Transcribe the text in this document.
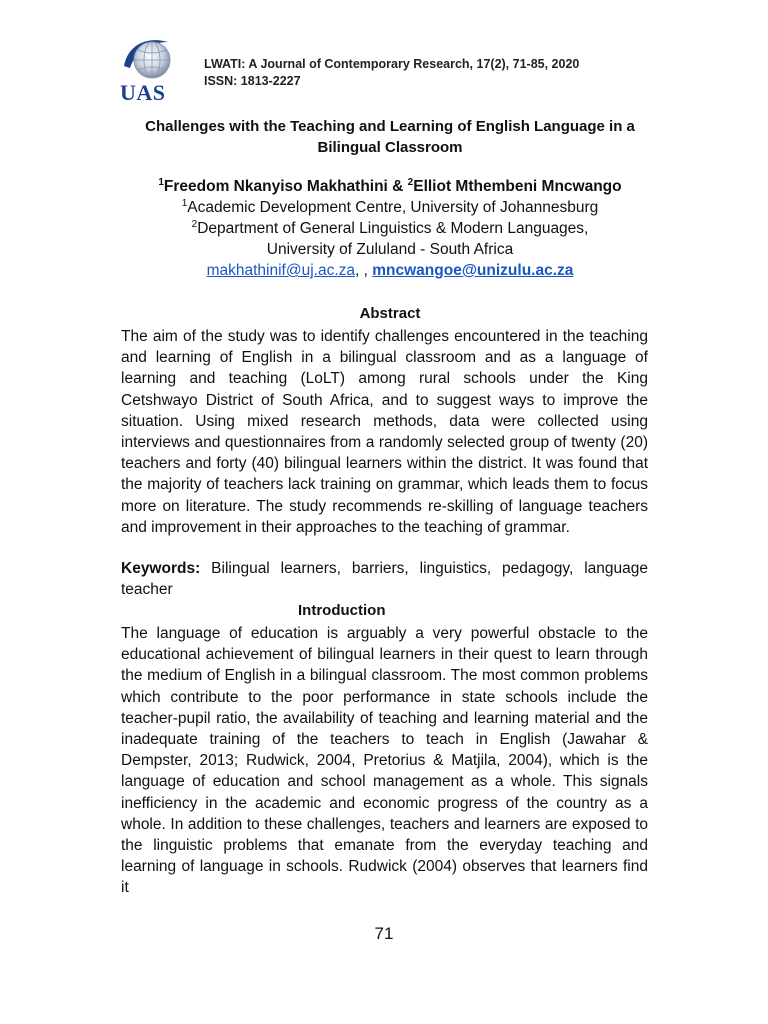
UAS
LWATI: A Journal of Contemporary Research, 17(2), 71-85, 2020
ISSN: 1813-2227
Challenges with the Teaching and Learning of English Language in a
Bilingual Classroom
$^1$Freedom Nkanyiso Makhathini & $^2$Elliot Mthembeni Mncwango
$^1$Academic Development Centre, University of Johannesburg
$^2$Department of General Linguistics & Modern Languages,
University of Zululand - South Africa
makhathinif@uj.ac.za, , mncwangoe@unizulu.ac.za
Abstract
The aim of the study was to identify challenges encountered in the teaching and learning of English in a bilingual classroom and as a language of learning and teaching (LoLT) among rural schools under the King Cetshwayo District of South Africa, and to suggest ways to improve the situation. Using mixed research methods, data were collected using interviews and questionnaires from a randomly selected group of twenty (20) teachers and forty (40) bilingual learners within the district. It was found that the majority of teachers lack training on grammar, which leads them to focus more on literature. The study recommends re-skilling of language teachers and improvement in their approaches to the teaching of grammar.
Keywords: Bilingual learners, barriers, linguistics, pedagogy, language teacher
Introduction
The language of education is arguably a very powerful obstacle to the educational achievement of bilingual learners in their quest to learn through the medium of English in a bilingual classroom. The most common problems which contribute to the poor performance in state schools include the teacher-pupil ratio, the availability of teaching and learning material and the inadequate training of the teachers to teach in English (Jawahar & Dempster, 2013; Rudwick, 2004, Pretorius & Matjila, 2004), which is the language of education and school management as a whole. This signals inefficiency in the academic and economic progress of the country as a whole. In addition to these challenges, teachers and learners are exposed to the linguistic problems that emanate from the everyday teaching and learning of language in schools. Rudwick (2004) observes that learners find it
71
